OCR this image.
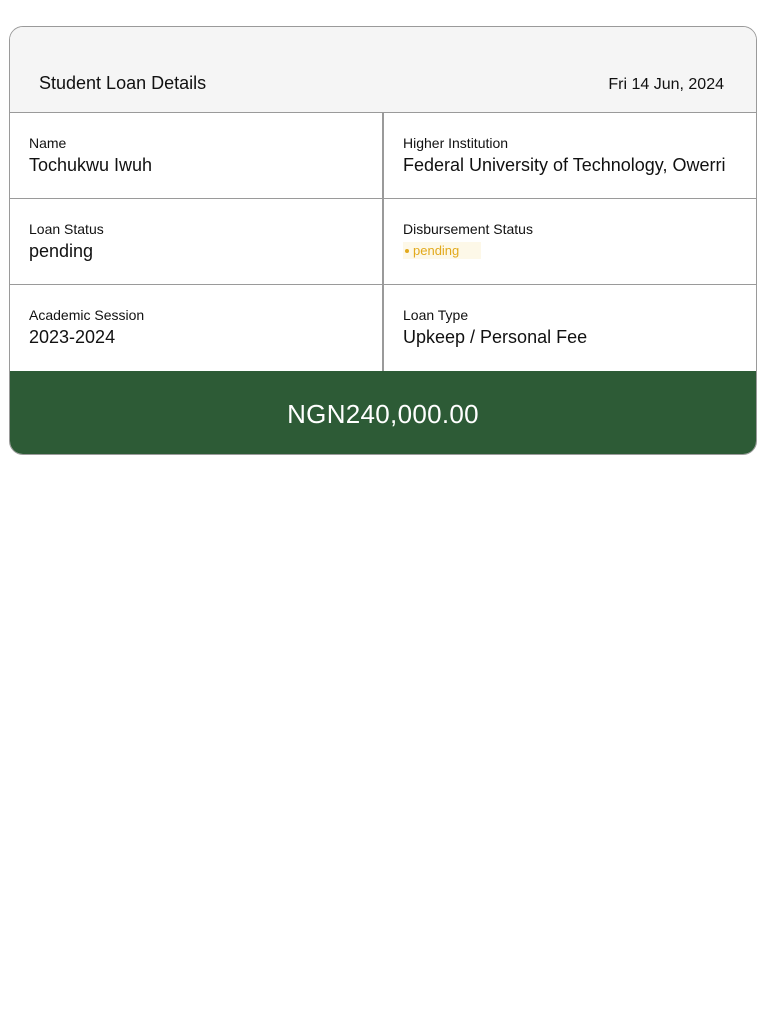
Student Loan Details	Fri 14 Jun, 2024
Name
Tochukwu Iwuh
Higher Institution
Federal University of Technology, Owerri
Loan Status
pending
Disbursement Status
pending
Academic Session
2023-2024
Loan Type
Upkeep / Personal Fee
NGN240,000.00
